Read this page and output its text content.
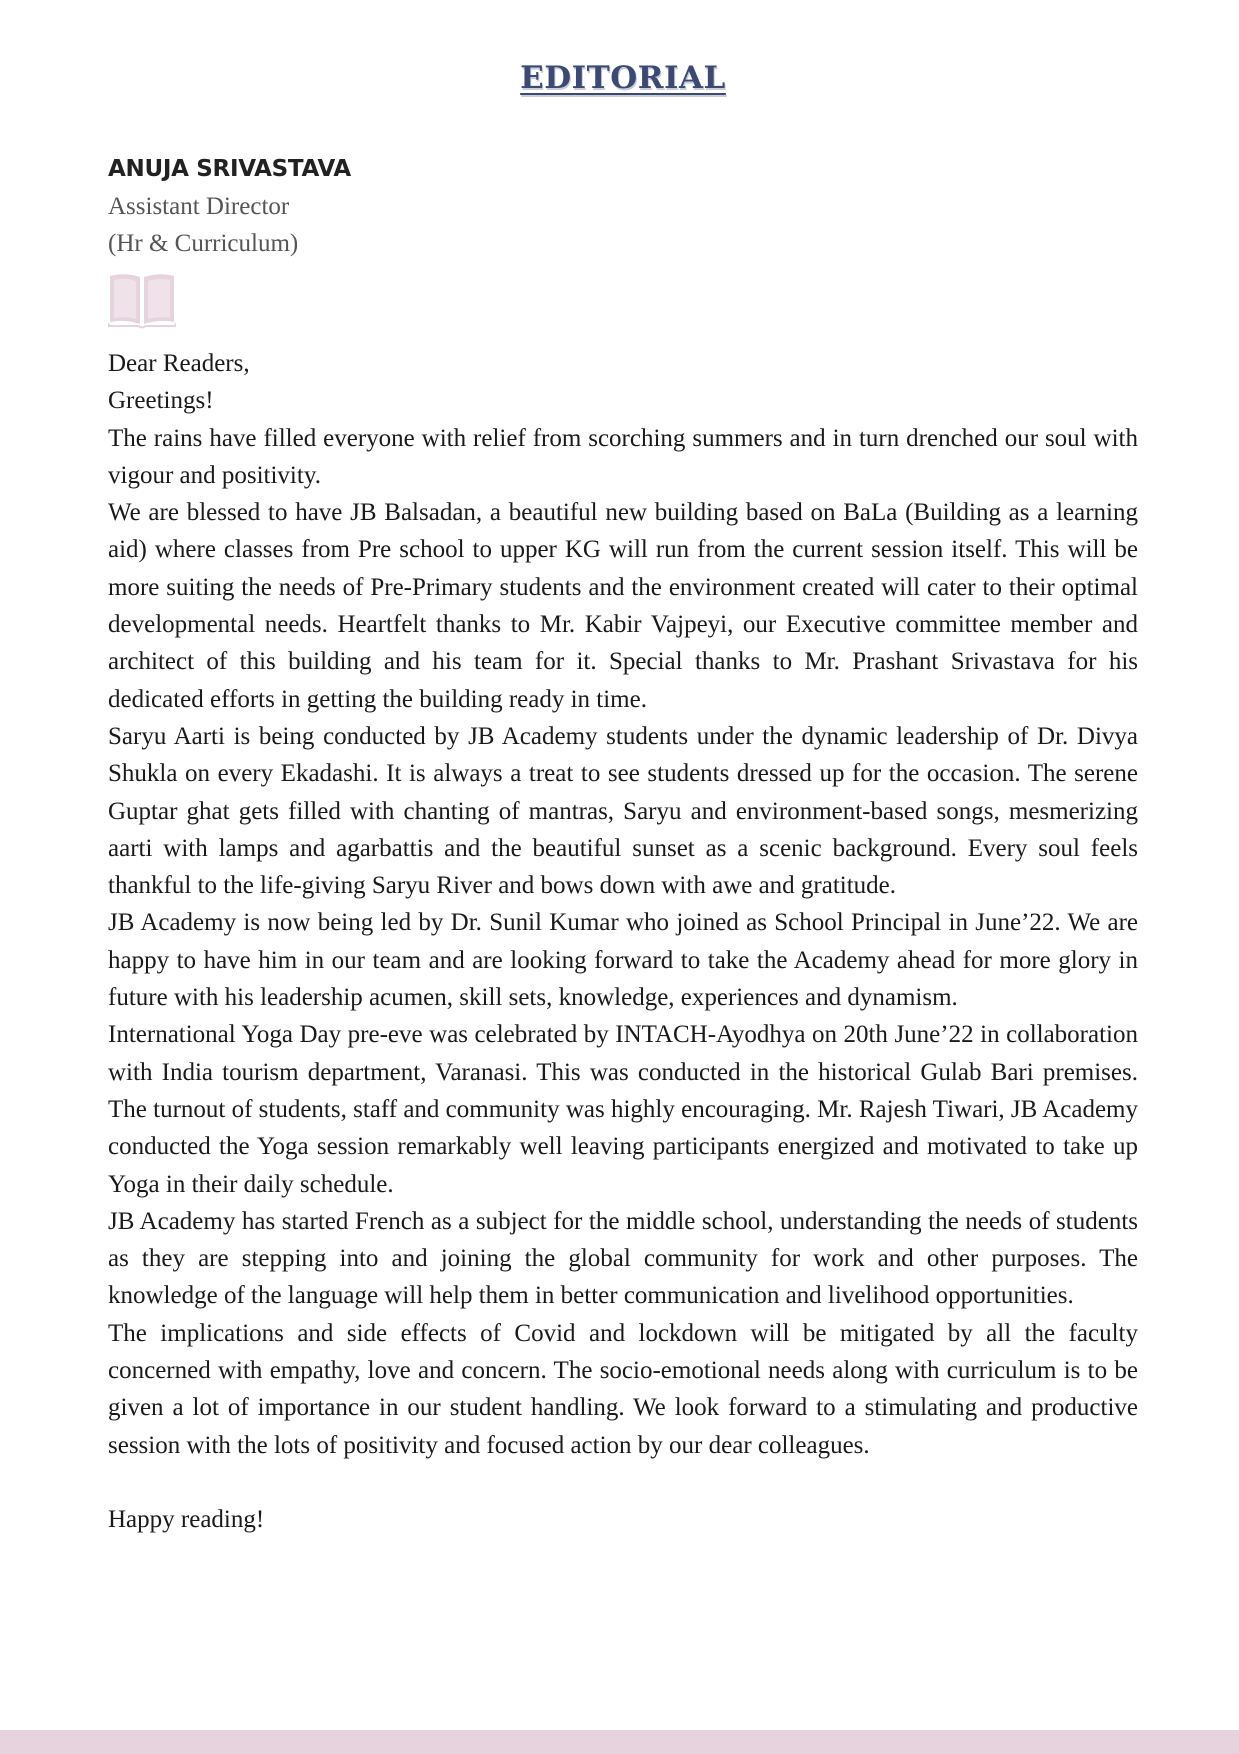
EDITORIAL
ANUJA SRIVASTAVA
Assistant Director
(Hr & Curriculum)

Dear Readers,

Greetings!

The rains have filled everyone with relief from scorching summers and in turn drenched our soul with vigour and positivity.

We are blessed to have JB Balsadan, a beautiful new building based on BaLa (Building as a learning aid) where classes from Pre school to upper KG will run from the current session itself. This will be more suiting the needs of Pre-Primary students and the environment created will cater to their optimal developmental needs. Heartfelt thanks to Mr. Kabir Vajpeyi, our Executive committee member and architect of this building and his team for it. Special thanks to Mr. Prashant Srivastava for his dedicated efforts in getting the building ready in time.

Saryu Aarti is being conducted by JB Academy students under the dynamic leadership of Dr. Divya Shukla on every Ekadashi. It is always a treat to see students dressed up for the occasion. The serene Guptar ghat gets filled with chanting of mantras, Saryu and environment-based songs, mesmerizing aarti with lamps and agarbattis and the beautiful sunset as a scenic background. Every soul feels thankful to the life-giving Saryu River and bows down with awe and gratitude.

JB Academy is now being led by Dr. Sunil Kumar who joined as School Principal in June’22. We are happy to have him in our team and are looking forward to take the Academy ahead for more glory in future with his leadership acumen, skill sets, knowledge, experiences and dynamism.

International Yoga Day pre-eve was celebrated by INTACH-Ayodhya on 20th June’22 in collaboration with India tourism department, Varanasi. This was conducted in the historical Gulab Bari premises. The turnout of students, staff and community was highly encouraging. Mr. Rajesh Tiwari, JB Academy conducted the Yoga session remarkably well leaving participants energized and motivated to take up Yoga in their daily schedule.

JB Academy has started French as a subject for the middle school, understanding the needs of students as they are stepping into and joining the global community for work and other purposes. The knowledge of the language will help them in better communication and livelihood opportunities.

The implications and side effects of Covid and lockdown will be mitigated by all the faculty concerned with empathy, love and concern. The socio-emotional needs along with curriculum is to be given a lot of importance in our student handling. We look forward to a stimulating and productive session with the lots of positivity and focused action by our dear colleagues.

Happy reading!
